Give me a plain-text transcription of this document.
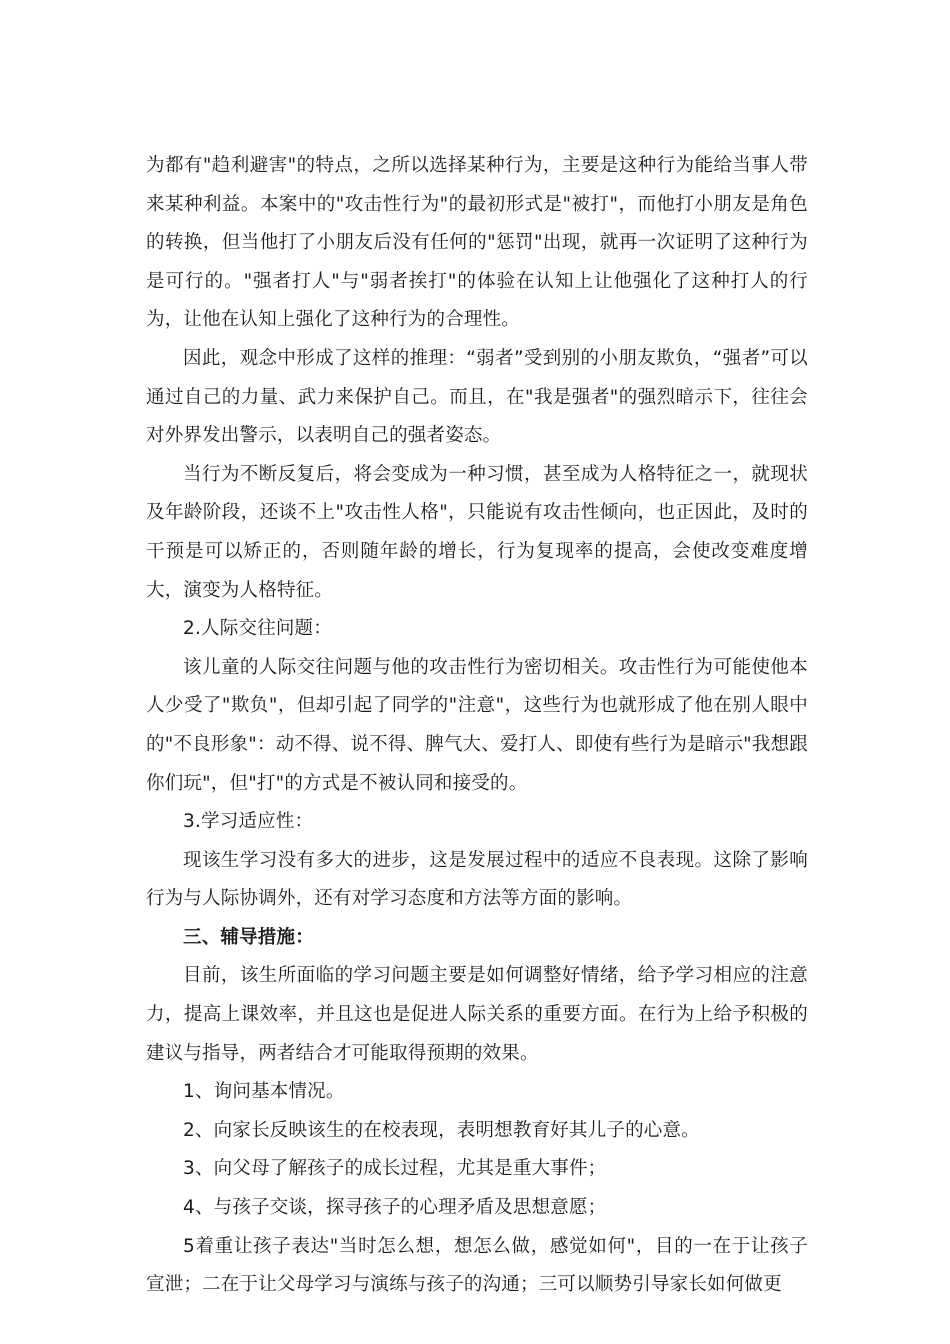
为都有"趋利避害"的特点，之所以选择某种行为，主要是这种行为能给当事人带来某种利益。本案中的"攻击性行为"的最初形式是"被打"，而他打小朋友是角色的转换，但当他打了小朋友后没有任何的"惩罚"出现，就再一次证明了这种行为是可行的。"强者打人"与"弱者挨打"的体验在认知上让他强化了这种打人的行为，让他在认知上强化了这种行为的合理性。

因此，观念中形成了这样的推理：“弱者”受到别的小朋友欺负，“强者”可以通过自己的力量、武力来保护自己。而且，在"我是强者"的强烈暗示下，往往会对外界发出警示，以表明自己的强者姿态。

当行为不断反复后，将会变成为一种习惯，甚至成为人格特征之一，就现状及年龄阶段，还谈不上"攻击性人格"，只能说有攻击性倾向，也正因此，及时的干预是可以矫正的，否则随年龄的增长，行为复现率的提高，会使改变难度增大，演变为人格特征。

2.人际交往问题：

该儿童的人际交往问题与他的攻击性行为密切相关。攻击性行为可能使他本人少受了"欺负"，但却引起了同学的"注意"，这些行为也就形成了他在别人眼中的"不良形象"：动不得、说不得、脾气大、爱打人、即使有些行为是暗示"我想跟你们玩"，但"打"的方式是不被认同和接受的。

3.学习适应性：

现该生学习没有多大的进步，这是发展过程中的适应不良表现。这除了影响行为与人际协调外，还有对学习态度和方法等方面的影响。

三、辅导措施：

目前，该生所面临的学习问题主要是如何调整好情绪，给予学习相应的注意力，提高上课效率，并且这也是促进人际关系的重要方面。在行为上给予积极的建议与指导，两者结合才可能取得预期的效果。

1、询问基本情况。

2、向家长反映该生的在校表现，表明想教育好其儿子的心意。

3、向父母了解孩子的成长过程，尤其是重大事件；

4、与孩子交谈，探寻孩子的心理矛盾及思想意愿；

5着重让孩子表达"当时怎么想，想怎么做，感觉如何"，目的一在于让孩子宣泄；二在于让父母学习与演练与孩子的沟通；三可以顺势引导家长如何做更
